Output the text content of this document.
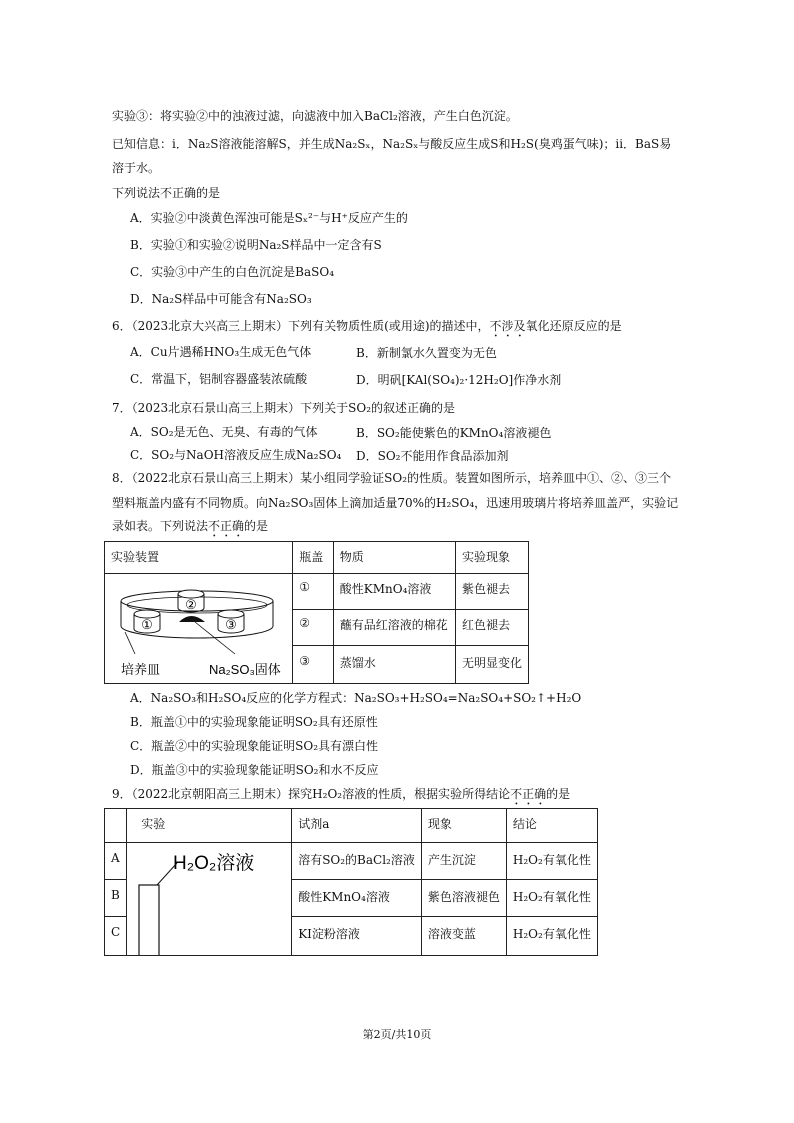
实验③：将实验②中的浊液过滤，向滤液中加入BaCl₂溶液，产生白色沉淀。
已知信息：i．Na₂S溶液能溶解S，并生成Na₂Sₓ，Na₂Sₓ与酸反应生成S和H₂S(臭鸡蛋气味)；ii．BaS易
溶于水。
下列说法不正确的是
A．实验②中淡黄色浑浊可能是Sₓ²⁻与H⁺反应产生的
B．实验①和实验②说明Na₂S样品中一定含有S
C．实验③中产生的白色沉淀是BaSO₄
D．Na₂S样品中可能含有Na₂SO₃
6．（2023北京大兴高三上期末）下列有关物质性质(或用途)的描述中，不涉及氧化还原反应的是
A．Cu片遇稀HNO₃生成无色气体	B．新制氯水久置变为无色
C．常温下，铝制容器盛装浓硫酸	D．明矾[KAl(SO₄)₂·12H₂O]作净水剂
7．（2023北京石景山高三上期末）下列关于SO₂的叙述正确的是
A．SO₂是无色、无臭、有毒的气体	B．SO₂能使紫色的KMnO₄溶液褪色
C．SO₂与NaOH溶液反应生成Na₂SO₄ D．SO₂不能用作食品添加剂
8．（2022北京石景山高三上期末）某小组同学验证SO₂的性质。装置如图所示，培养皿中①、②、③三个
塑料瓶盖内盛有不同物质。向Na₂SO₃固体上滴加适量70%的H₂SO₄，迅速用玻璃片将培养皿盖严，实验记
录如表。下列说法不正确的是
实验装置	瓶盖	物质	实验现象

①
②
③
培养皿 Na₂SO₃固体	①	酸性KMnO₄溶液	紫色褪去
	②	蘸有品红溶液的棉花	红色褪去
	③	蒸馏水	无明显变化
A．Na₂SO₃和H₂SO₄反应的化学方程式：Na₂SO₃+H₂SO₄=Na₂SO₄+SO₂↑+H₂O
B．瓶盖①中的实验现象能证明SO₂具有还原性
C．瓶盖②中的实验现象能证明SO₂具有漂白性
D．瓶盖③中的实验现象能证明SO₂和水不反应
9．（2022北京朝阳高三上期末）探究H₂O₂溶液的性质，根据实验所得结论不正确的是
	实验	试剂a	现象	结论
A	H₂O₂溶液	溶有SO₂的BaCl₂溶液	产生沉淀	H₂O₂有氧化性
B		酸性KMnO₄溶液	紫色溶液褪色	H₂O₂有氧化性
C		KI淀粉溶液	溶液变蓝	H₂O₂有氧化性
第2页/共10页
